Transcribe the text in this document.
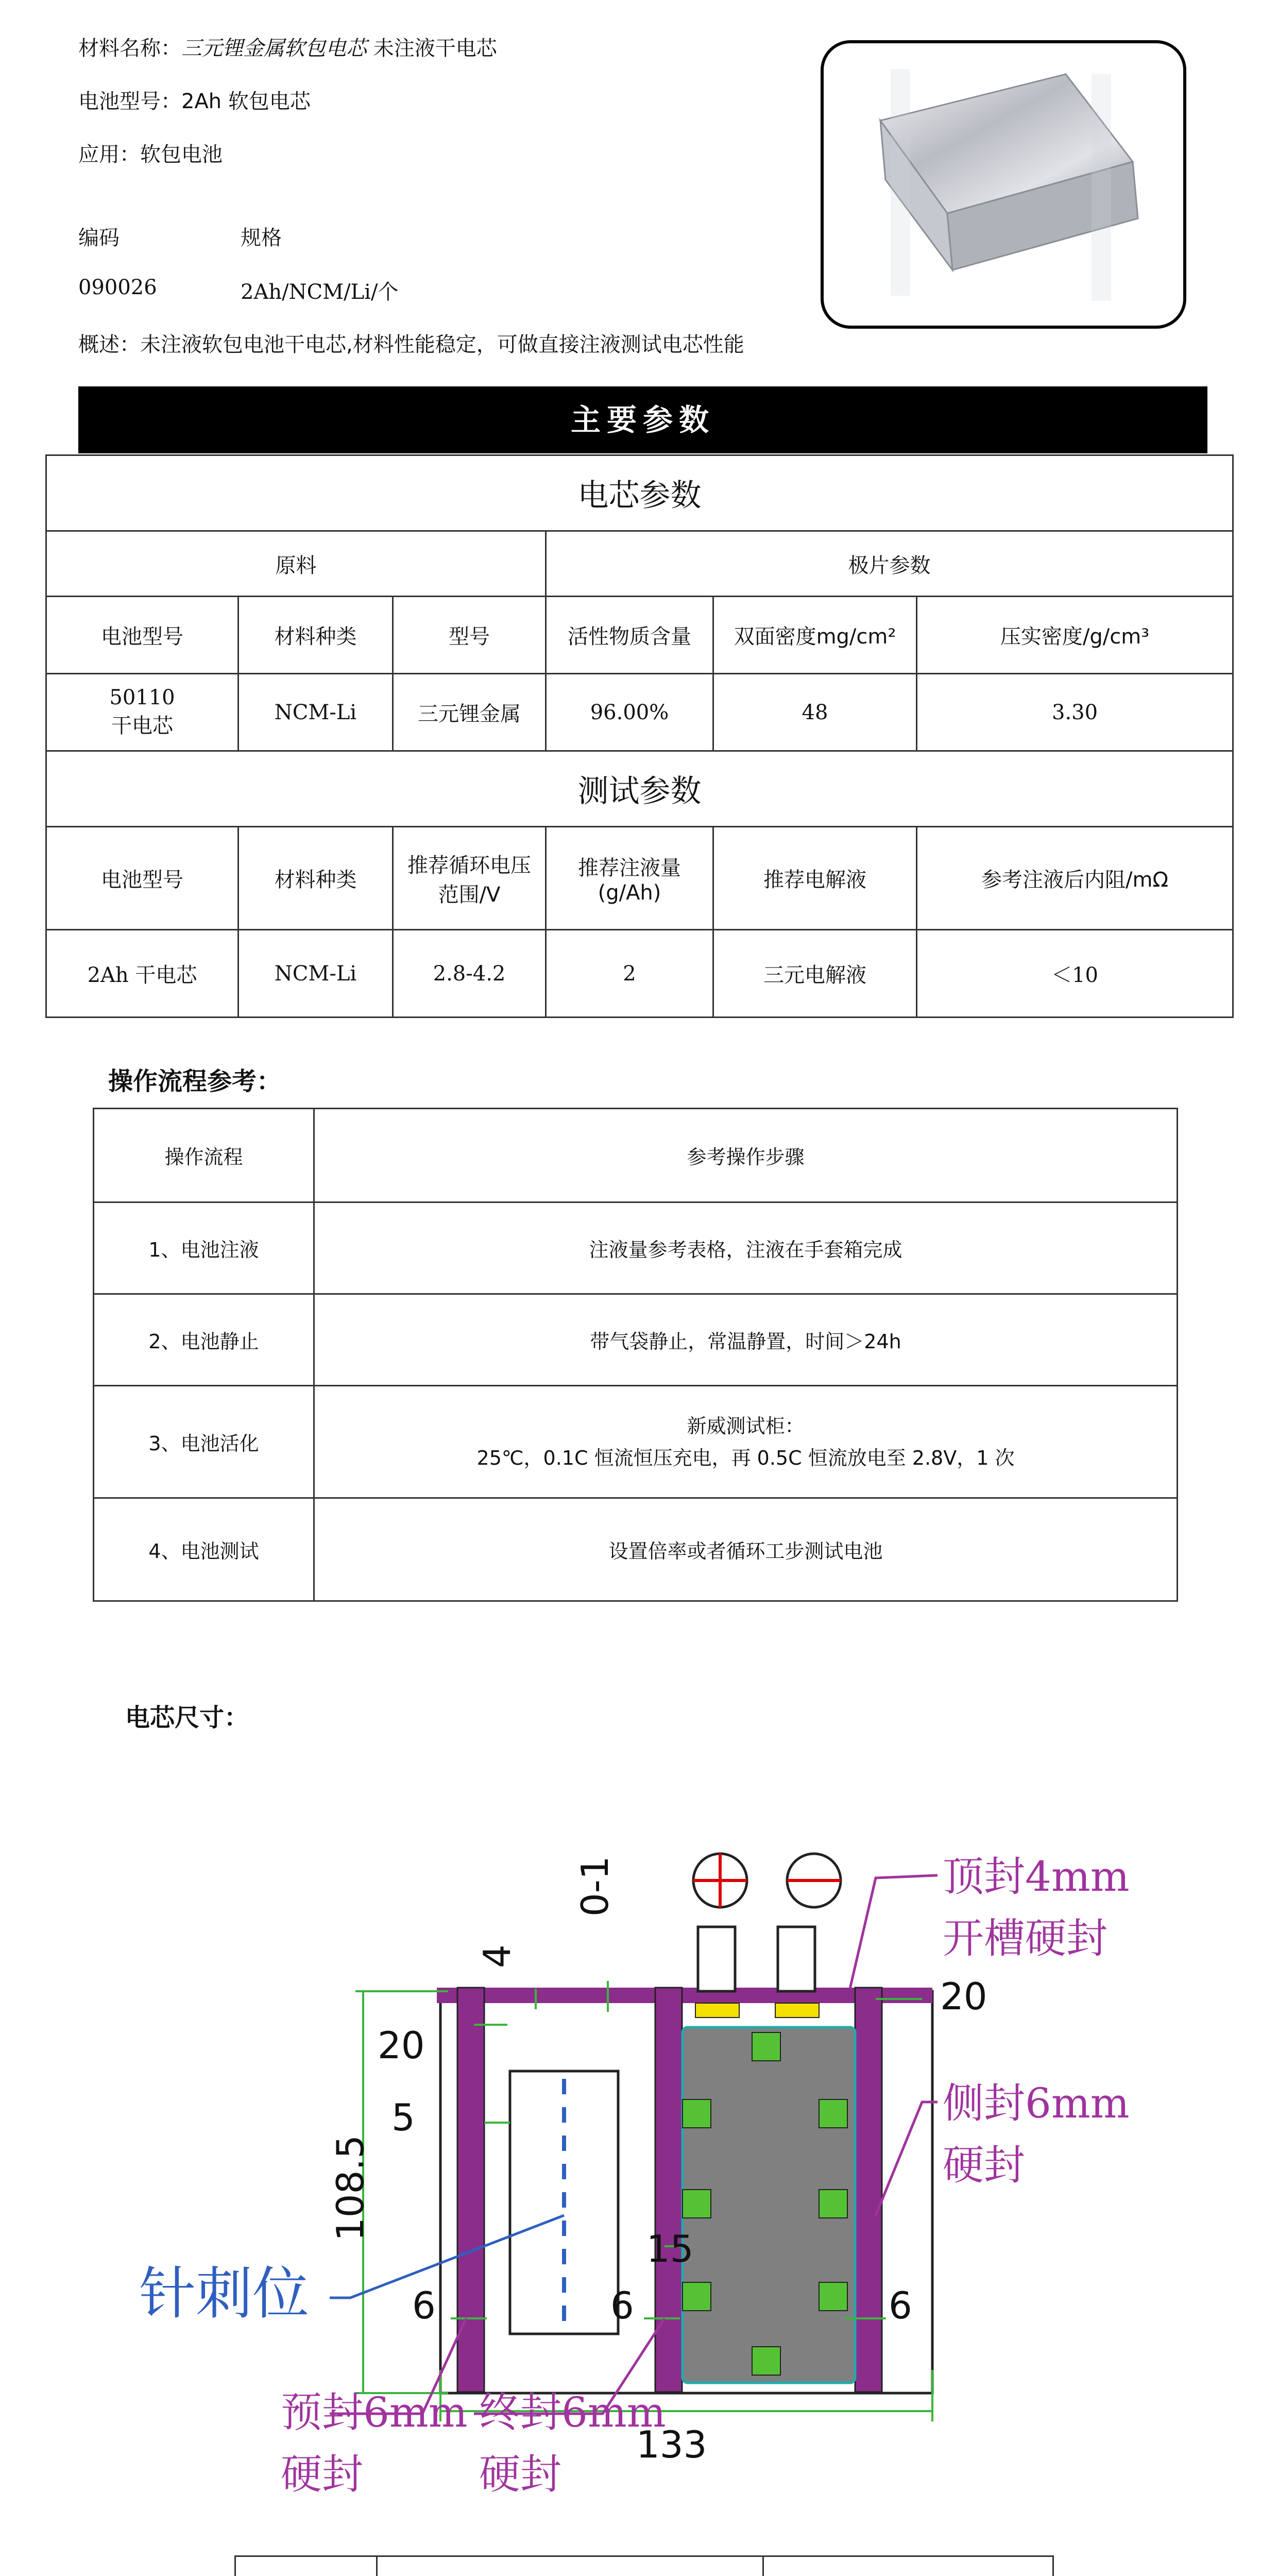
材料名称：三元锂金属软包电芯 未注液干电芯
电池型号：2Ah 软包电芯
应用：软包电池
编码	规格
090026	2Ah/NCM/Li/个
概述：未注液软包电池干电芯,材料性能稳定，可做直接注液测试电芯性能
主要参数
电芯参数					
原料			极片参数		
电池型号	材料种类	型号	活性物质含量	双面密度mg/cm²	压实密度/g/cm³
50110
干电芯	NCM-Li	三元锂金属	96.00%	48	3.30
测试参数					
电池型号	材料种类	推荐循环电压范围/V	推荐注液量(g/Ah)	推荐电解液	参考注液后内阻/mΩ
2Ah 干电芯	NCM-Li	2.8-4.2	2	三元电解液	＜10
操作流程参考：
操作流程	参考操作步骤
1、电池注液	注液量参考表格，注液在手套箱完成
2、电池静止	带气袋静止，常温静置，时间＞24h
3、电池活化	新威测试柜：
25℃，0.1C 恒流恒压充电，再 0.5C 恒流放电至 2.8V，1 次
4、电池测试	设置倍率或者循环工步测试电池
电芯尺寸：
0-1
4
20
20
5
108.5
6	6	6
15
133
顶封4mm
开槽硬封
侧封6mm
硬封
预封6mm
硬封
终封6mm
硬封
针刺位
